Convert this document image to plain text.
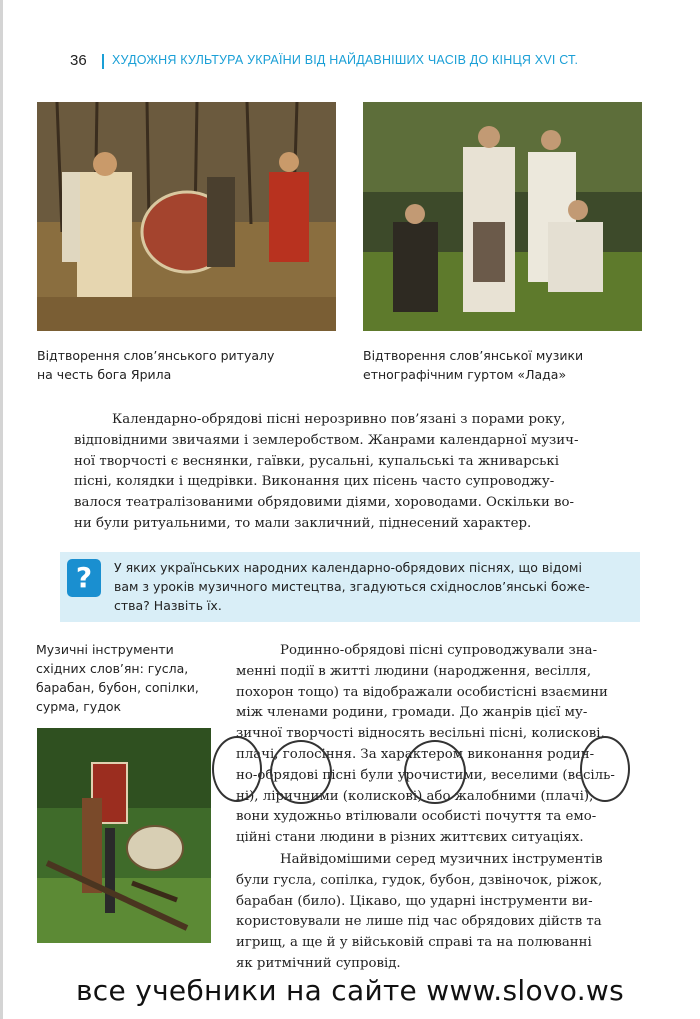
36 ХУДОЖНЯ КУЛЬТУРА УКРАЇНИ ВІД НАЙДАВНІШИХ ЧАСІВ ДО КІНЦЯ XVI СТ.
Відтворення слов’янського ритуалу
на честь бога Ярила
Відтворення слов’янської музики
етнографічним гуртом «Лада»
Календарно-обрядові пісні нерозривно пов’язані з порами року,
відповідними звичаями і землеробством. Жанрами календарної музич-
ної творчості є веснянки, гаївки, русальні, купальські та жниварські
пісні, колядки і щедрівки. Виконання цих пісень часто супроводжу-
валося театралізованими обрядовими діями, хороводами. Оскільки во-
ни були ритуальними, то мали закличний, піднесений характер.
?	У яких українських народних календарно-обрядових піснях, що відомі
вам з уроків музичного мистецтва, згадуються східнослов’янські боже-
ства? Назвіть їх.
Музичні інструменти
східних слов’ян: гусла,
барабан, бубон, сопілки,
сурма, гудок
Родинно-обрядові пісні супроводжували зна-
менні події в житті людини (народження, весілля,
похорон тощо) та відображали особистісні взаємини
між членами родини, громади. До жанрів цієї му-
зичної творчості відносять весільні пісні, колискові,
плачі, голосіння. За характером виконання родин-
но-обрядові пісні були урочистими, веселими (весіль-
ні), ліричними (колискові) або жалобними (плачі),
вони художньо втілювали особисті почуття та емо-
ційні стани людини в різних життєвих ситуаціях.
Найвідомішими серед музичних інструментів
були гусла, сопілка, гудок, бубон, дзвіночок, ріжок,
барабан (било). Цікаво, що ударні інструменти ви-
користовували не лише під час обрядових дійств та
игрищ, а ще й у військовій справі та на полюванні
як ритмічний супровід.
все учебники на сайте www.slovo.ws
